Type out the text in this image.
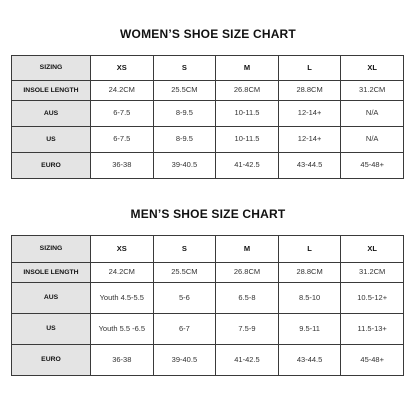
WOMEN’S SHOE SIZE CHART
SIZING	XS	S	M	L	XL
INSOLE LENGTH	24.2CM	25.5CM	26.8CM	28.8CM	31.2CM
AUS	6-7.5	8-9.5	10-11.5	12-14+	N/A
US	6-7.5	8-9.5	10-11.5	12-14+	N/A
EURO	36-38	39-40.5	41-42.5	43-44.5	45-48+
MEN’S SHOE SIZE CHART
SIZING	XS	S	M	L	XL
INSOLE LENGTH	24.2CM	25.5CM	26.8CM	28.8CM	31.2CM
AUS	Youth 4.5-5.5	5-6	6.5-8	8.5-10	10.5-12+
US	Youth 5.5 -6.5	6-7	7.5-9	9.5-11	11.5-13+
EURO	36-38	39-40.5	41-42.5	43-44.5	45-48+
